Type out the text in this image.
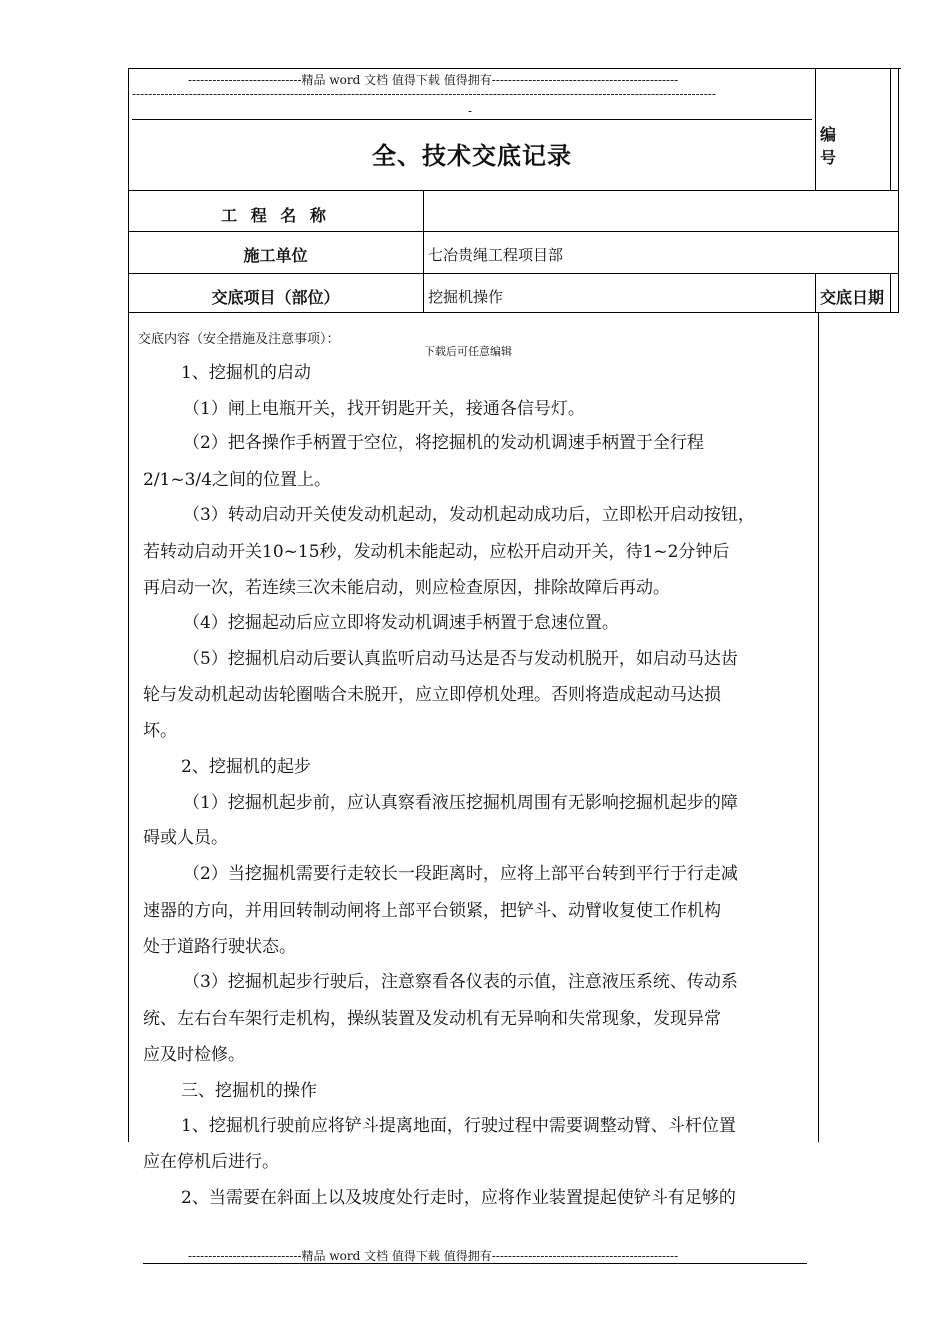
----------------------------精品 word 文档 值得下载 值得拥有----------------------------------------------
------------------------------------------------------------------------------------------------------------------------------------------------
-
全、技术交底记录
编 号
工 程 名 称
施工单位	七冶贵绳工程项目部
交底项目（部位）	挖掘机操作	交底日期
交底内容（安全措施及注意事项）：
下载后可任意编辑
1、挖掘机的启动
（1）闸上电瓶开关，找开钥匙开关，接通各信号灯。
（2）把各操作手柄置于空位，将挖掘机的发动机调速手柄置于全行程
2/1~3/4之间的位置上。
（3）转动启动开关使发动机起动，发动机起动成功后，立即松开启动按钮，
若转动启动开关10~15秒，发动机未能起动，应松开启动开关，待1~2分钟后
再启动一次，若连续三次未能启动，则应检查原因，排除故障后再动。
（4）挖掘起动后应立即将发动机调速手柄置于怠速位置。
（5）挖掘机启动后要认真监听启动马达是否与发动机脱开，如启动马达齿
轮与发动机起动齿轮圈啮合未脱开，应立即停机处理。否则将造成起动马达损
坏。
2、挖掘机的起步
（1）挖掘机起步前，应认真察看液压挖掘机周围有无影响挖掘机起步的障
碍或人员。
（2）当挖掘机需要行走较长一段距离时，应将上部平台转到平行于行走减
速器的方向，并用回转制动闸将上部平台锁紧，把铲斗、动臂收复使工作机构
处于道路行驶状态。
（3）挖掘机起步行驶后，注意察看各仪表的示值，注意液压系统、传动系
统、左右台车架行走机构，操纵装置及发动机有无异响和失常现象，发现异常
应及时检修。
三、挖掘机的操作
1、挖掘机行驶前应将铲斗提离地面，行驶过程中需要调整动臂、斗杆位置
应在停机后进行。
2、当需要在斜面上以及坡度处行走时，应将作业装置提起使铲斗有足够的
----------------------------精品 word 文档 值得下载 值得拥有----------------------------------------------
